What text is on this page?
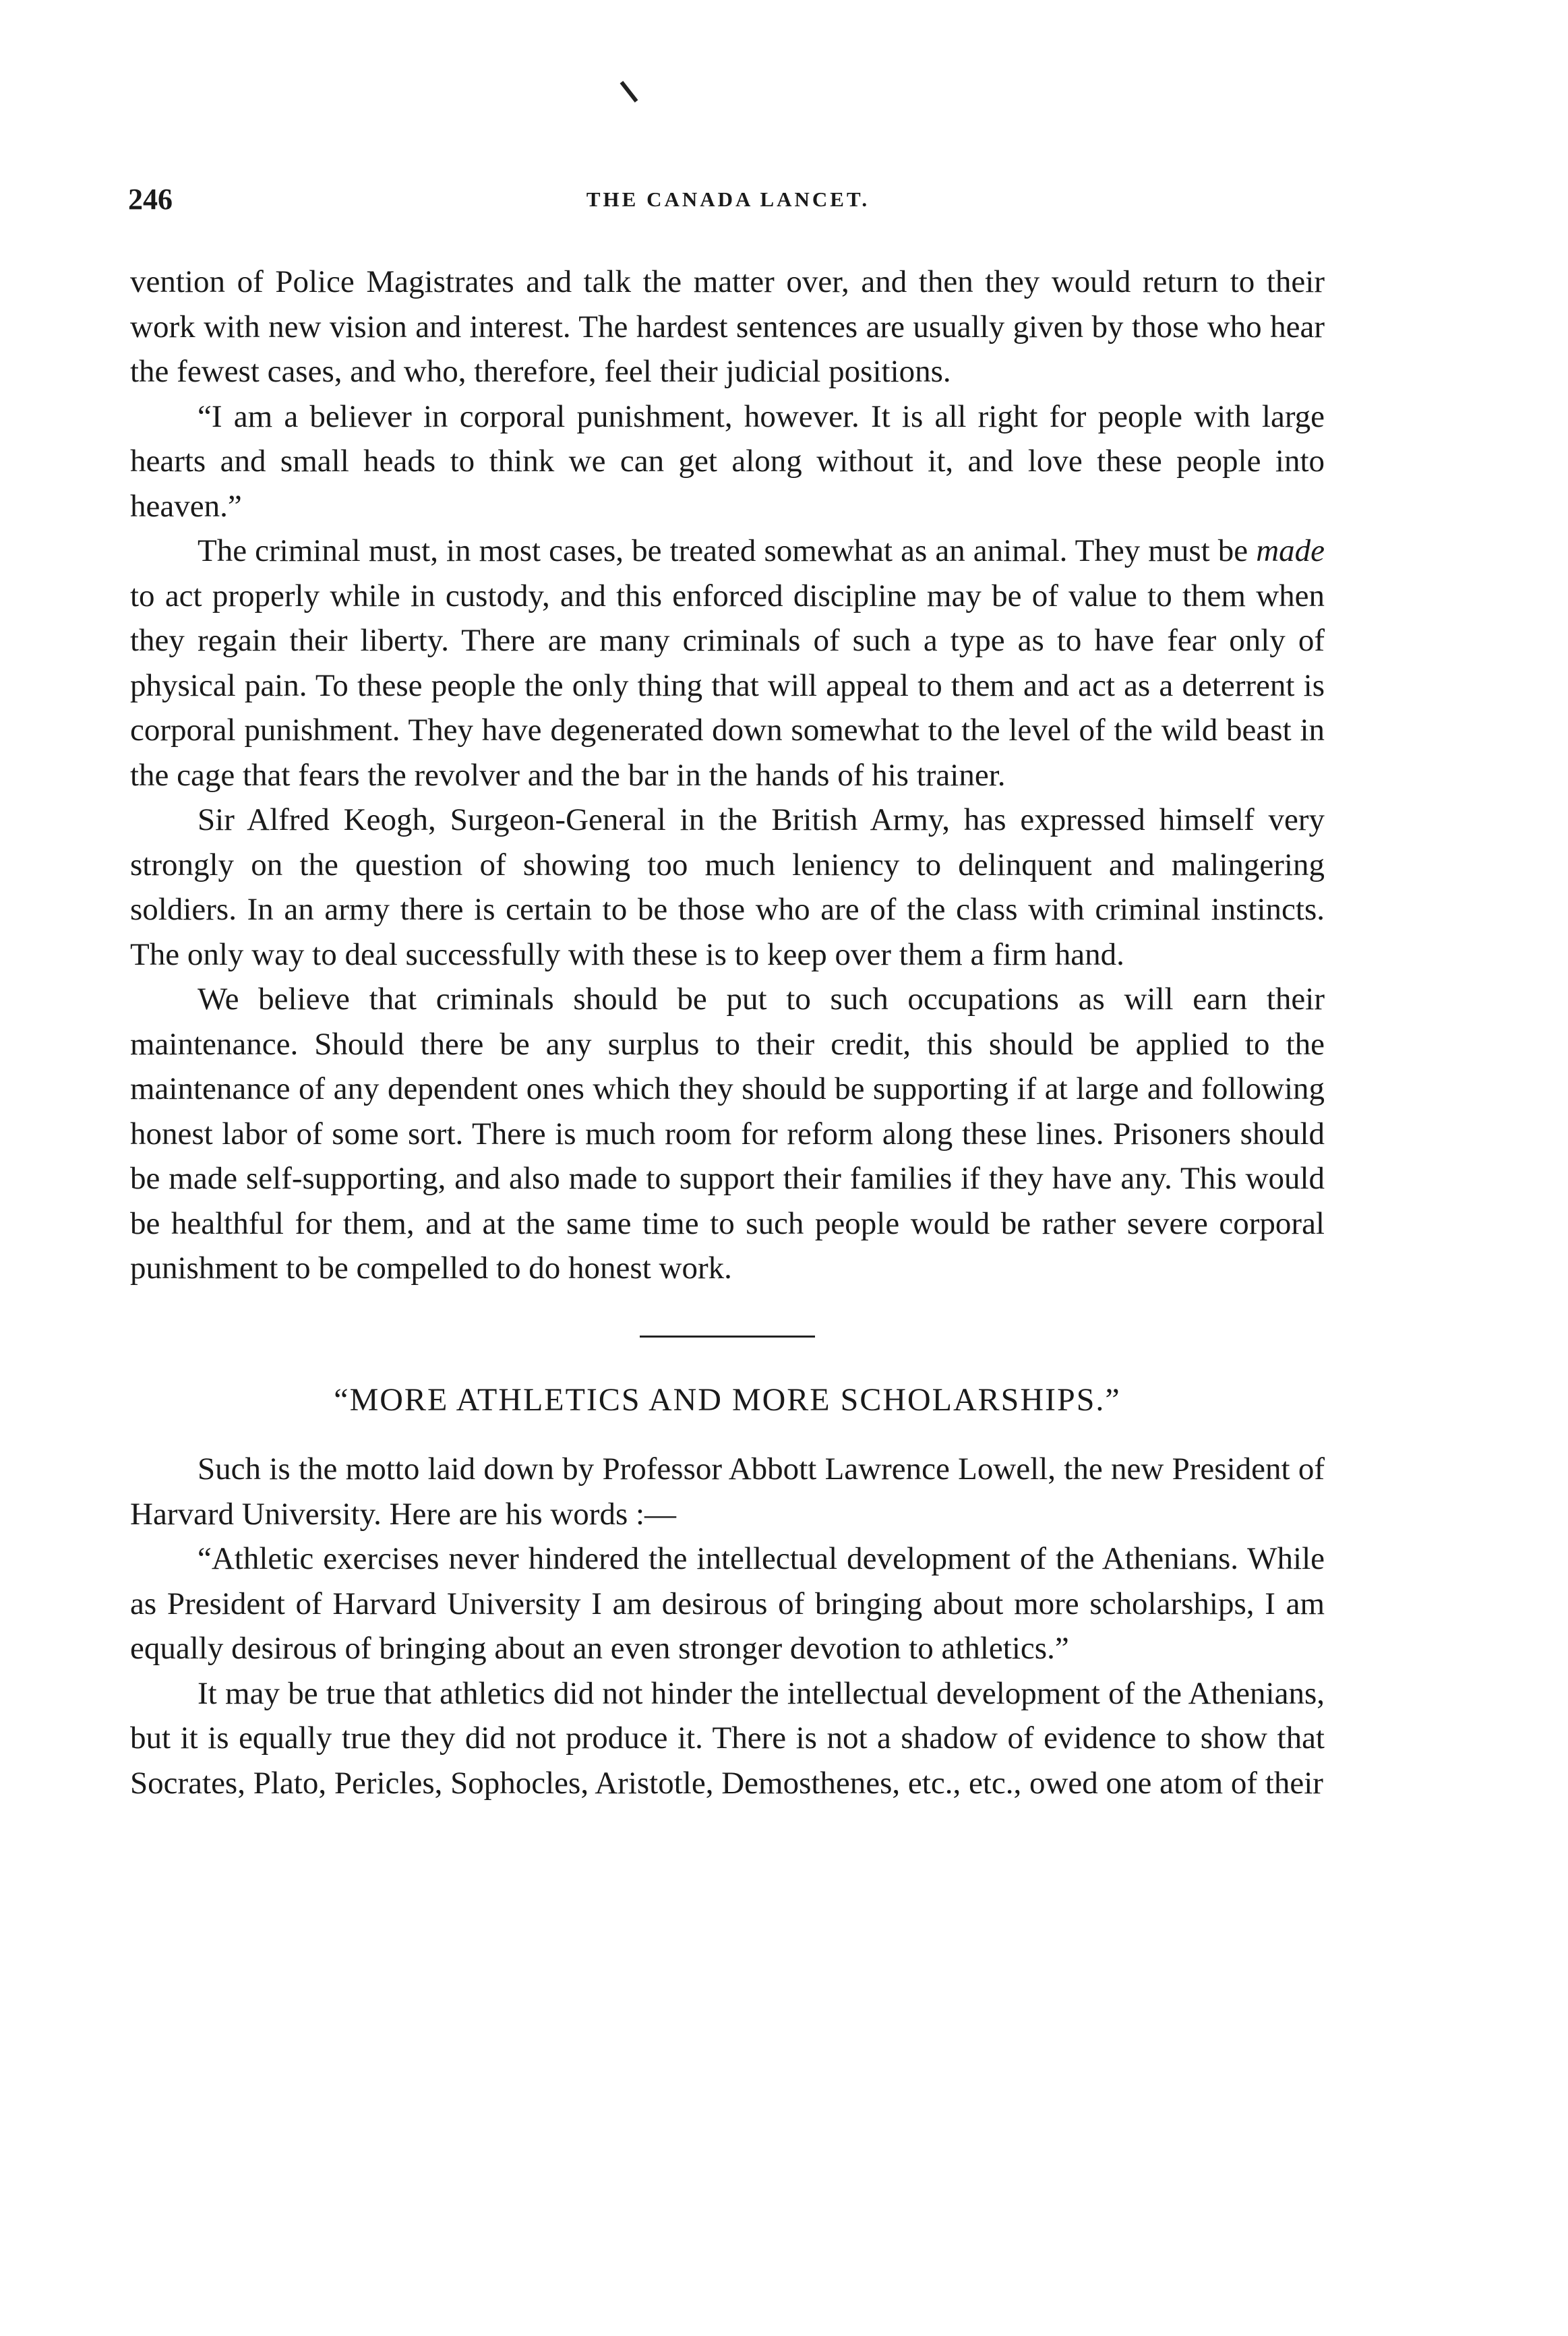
246	THE CANADA LANCET.

vention of Police Magistrates and talk the matter over, and then they would return to their work with new vision and interest. The hardest sentences are usually given by those who hear the fewest cases, and who, therefore, feel their judicial positions.

“I am a believer in corporal punishment, however. It is all right for people with large hearts and small heads to think we can get along without it, and love these people into heaven.”

The criminal must, in most cases, be treated somewhat as an animal. They must be made to act properly while in custody, and this enforced discipline may be of value to them when they regain their liberty. There are many criminals of such a type as to have fear only of physical pain. To these people the only thing that will appeal to them and act as a deterrent is corporal punishment. They have degenerated down somewhat to the level of the wild beast in the cage that fears the revolver and the bar in the hands of his trainer.

Sir Alfred Keogh, Surgeon-General in the British Army, has expressed himself very strongly on the question of showing too much leniency to delinquent and malingering soldiers. In an army there is certain to be those who are of the class with criminal instincts. The only way to deal successfully with these is to keep over them a firm hand.

We believe that criminals should be put to such occupations as will earn their maintenance. Should there be any surplus to their credit, this should be applied to the maintenance of any dependent ones which they should be supporting if at large and following honest labor of some sort. There is much room for reform along these lines. Prisoners should be made self-supporting, and also made to support their families if they have any. This would be healthful for them, and at the same time to such people would be rather severe corporal punishment to be compelled to do honest work.

“MORE ATHLETICS AND MORE SCHOLARSHIPS.”

Such is the motto laid down by Professor Abbott Lawrence Lowell, the new President of Harvard University. Here are his words :—

“Athletic exercises never hindered the intellectual development of the Athenians. While as President of Harvard University I am desirous of bringing about more scholarships, I am equally desirous of bringing about an even stronger devotion to athletics.”

It may be true that athletics did not hinder the intellectual development of the Athenians, but it is equally true they did not produce it. There is not a shadow of evidence to show that Socrates, Plato, Pericles, Sophocles, Aristotle, Demosthenes, etc., etc., owed one atom of their
